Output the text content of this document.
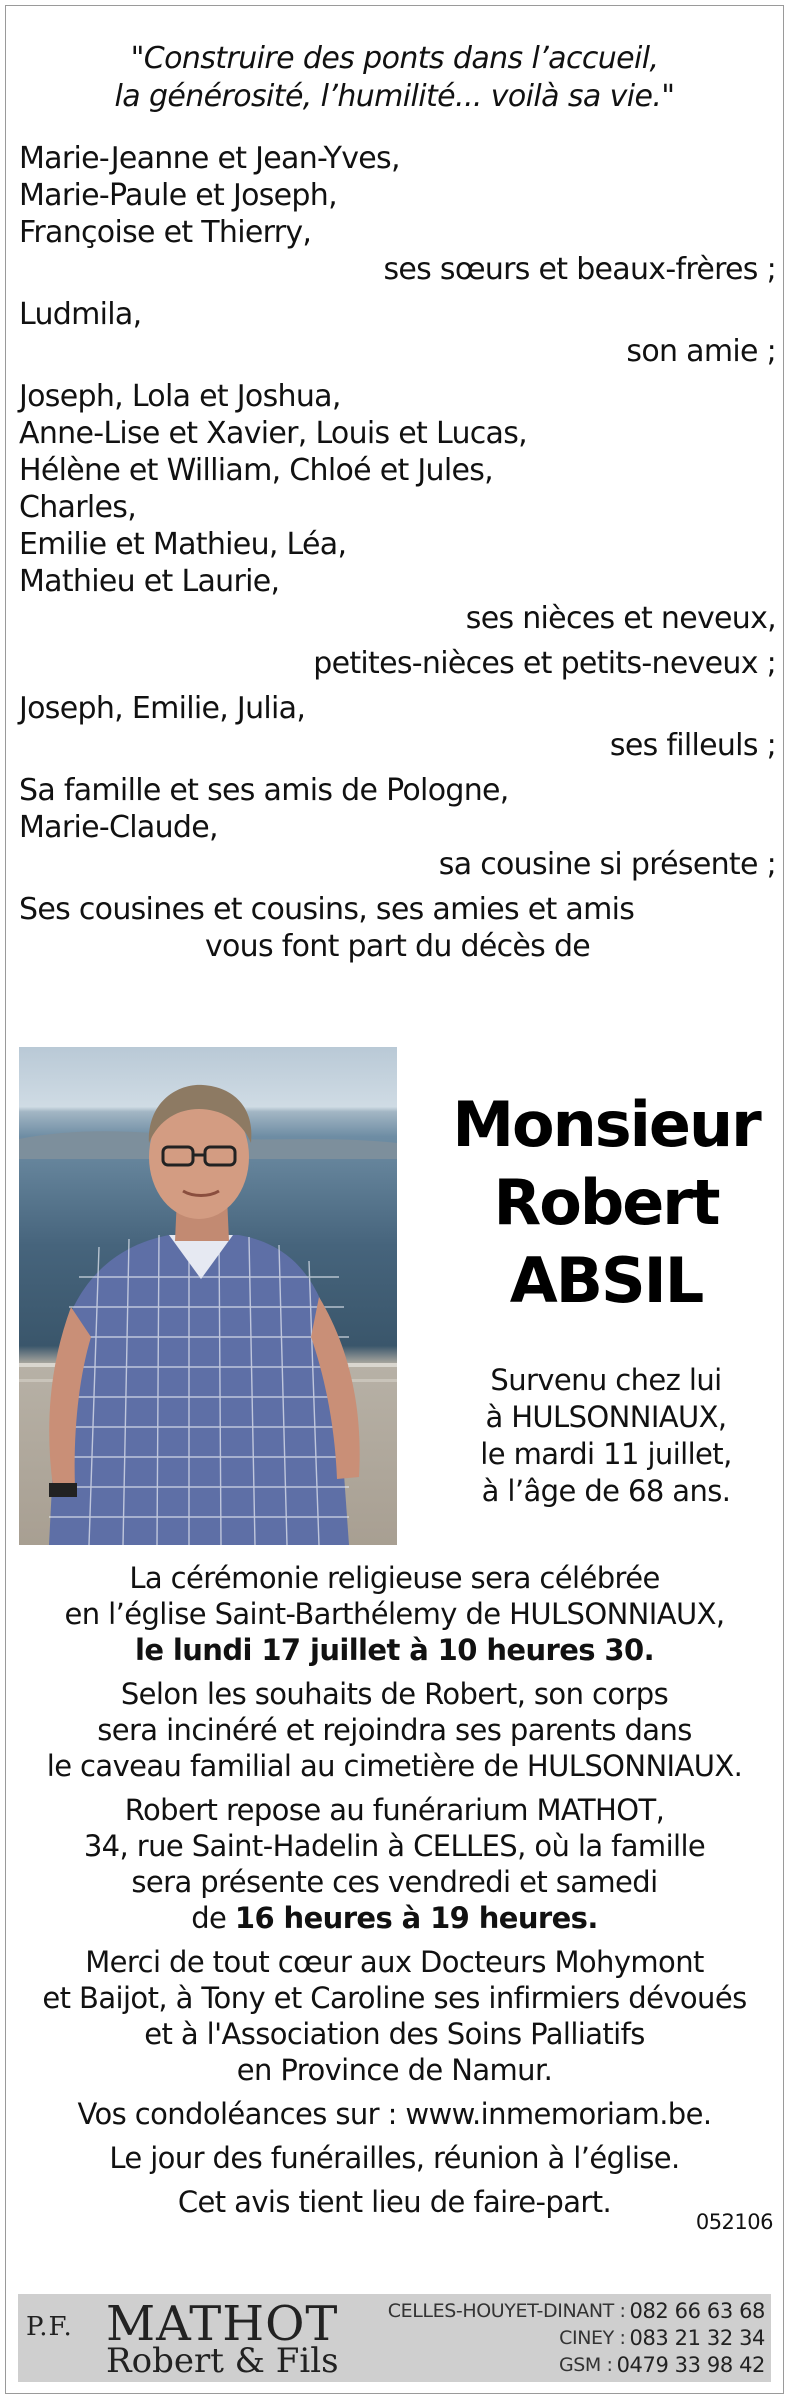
"Construire des ponts dans l’accueil,
la générosité, l’humilité... voilà sa vie."
Marie-Jeanne et Jean-Yves,
Marie-Paule et Joseph,
Françoise et Thierry,
ses sœurs et beaux-frères ;
Ludmila,
son amie ;
Joseph, Lola et Joshua,
Anne-Lise et Xavier, Louis et Lucas,
Hélène et William, Chloé et Jules,
Charles,
Emilie et Mathieu, Léa,
Mathieu et Laurie,
ses nièces et neveux,
petites-nièces et petits-neveux ;
Joseph, Emilie, Julia,
ses filleuls ;
Sa famille et ses amis de Pologne,
Marie-Claude,
sa cousine si présente ;
Ses cousines et cousins, ses amies et amis
vous font part du décès de
Monsieur
Robert
ABSIL
Survenu chez lui
à HULSONNIAUX,
le mardi 11 juillet,
à l’âge de 68 ans.
La cérémonie religieuse sera célébrée
en l’église Saint-Barthélemy de HULSONNIAUX,
le lundi 17 juillet à 10 heures 30.
Selon les souhaits de Robert, son corps
sera incinéré et rejoindra ses parents dans
le caveau familial au cimetière de HULSONNIAUX.
Robert repose au funérarium MATHOT,
34, rue Saint-Hadelin à CELLES, où la famille
sera présente ces vendredi et samedi
de 16 heures à 19 heures.
Merci de tout cœur aux Docteurs Mohymont
et Baijot, à Tony et Caroline ses infirmiers dévoués
et à l'Association des Soins Palliatifs
en Province de Namur.
Vos condoléances sur : www.inmemoriam.be.
Le jour des funérailles, réunion à l’église.
Cet avis tient lieu de faire-part.
052106
P.F. MATHOT
Robert & Fils
CELLES-HOUYET-DINANT : 082 66 63 68
CINEY : 083 21 32 34
GSM : 0479 33 98 42
